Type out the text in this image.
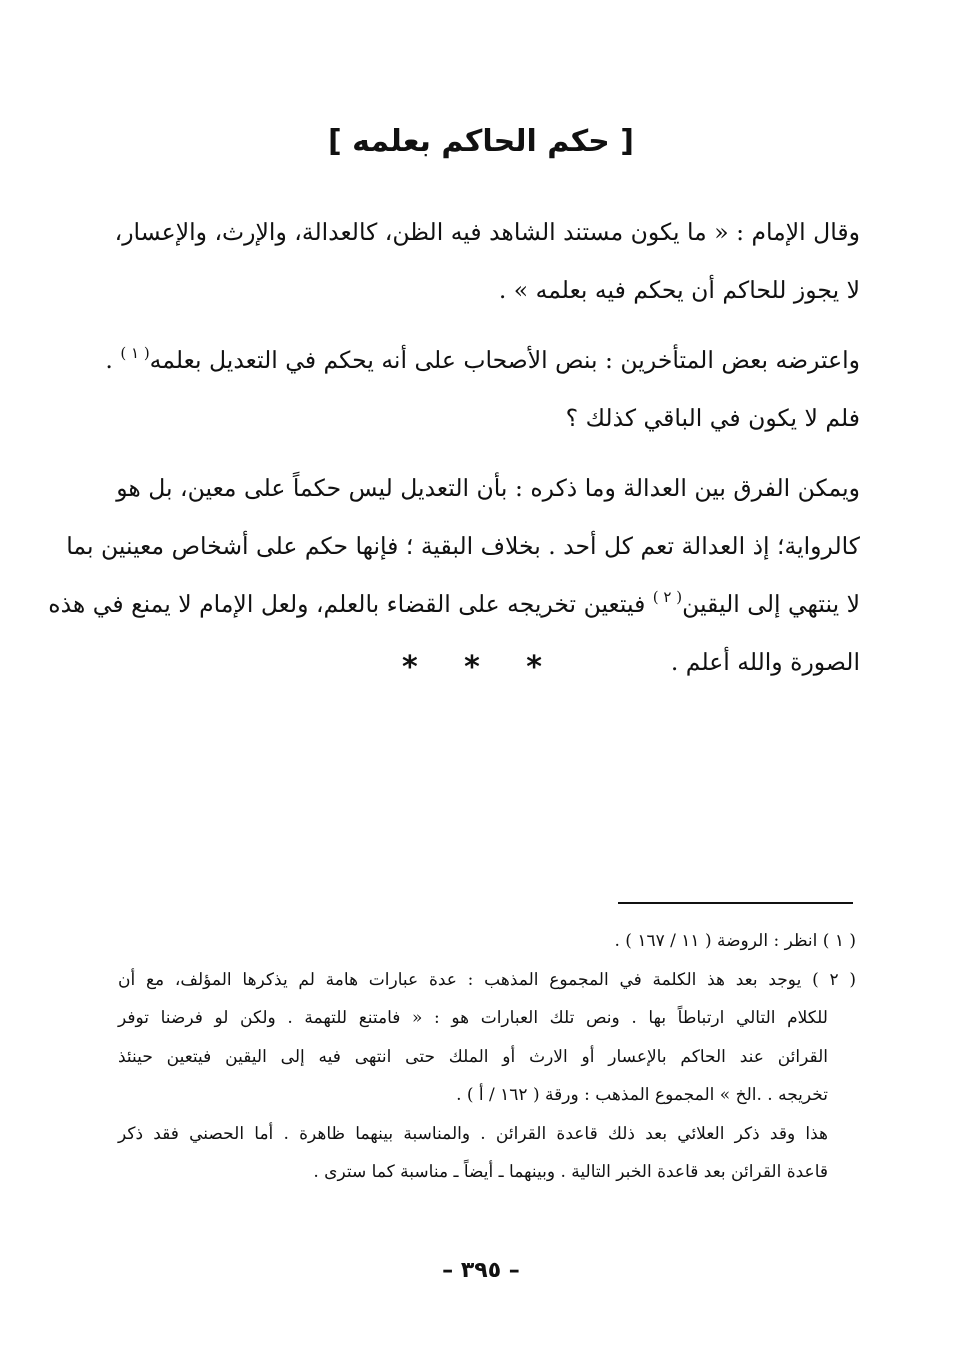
[ حكم الحاكم بعلمه ]
وقال الإمام : « ما يكون مستند الشاهد فيه الظن، كالعدالة، والإرث، والإعسار،
لا يجوز للحاكم أن يحكم فيه بعلمه » .
واعترضه بعض المتأخرين : بنص الأصحاب على أنه يحكم في التعديل بعلمه$^{( ١ )}$ .
فلم لا يكون في الباقي كذلك ؟
ويمكن الفرق بين العدالة وما ذكره : بأن التعديل ليس حكماً على معين، بل هو
كالرواية؛ إذ العدالة تعم كل أحد . بخلاف البقية ؛ فإنها حكم على أشخاص معينين بما
لا ينتهي إلى اليقين$^{( ٢ )}$ فيتعين تخريجه على القضاء بالعلم، ولعل الإمام لا يمنع في هذه
الصورة والله أعلم .
* * *
( ١ ) انظر : الروضة ( ١١ / ١٦٧ ) .
( ٢ ) يوجد بعد هذ الكلمة في المجموع المذهب : عدة عبارات هامة لم يذكرها المؤلف، مع أن
للكلام التالي ارتباطاً بها . ونص تلك العبارات هو : « فامتنع للتهمة . ولكن لو فرضنا توفر
القرائن عند الحاكم بالإعسار أو الارث أو الملك حتى انتهى فيه إلى اليقين فيتعين حينئذ
تخريجه . .الخ » المجموع المذهب : ورقة ( ١٦٢ / أ ) .
هذا وقد ذكر العلائي بعد ذلك قاعدة القرائن . والمناسبة بينهما ظاهرة . أما الحصني فقد ذكر
قاعدة القرائن بعد قاعدة الخبر التالية . وبينهما ـ أيضاً ـ مناسبة كما سترى .
– ٣٩٥ –
